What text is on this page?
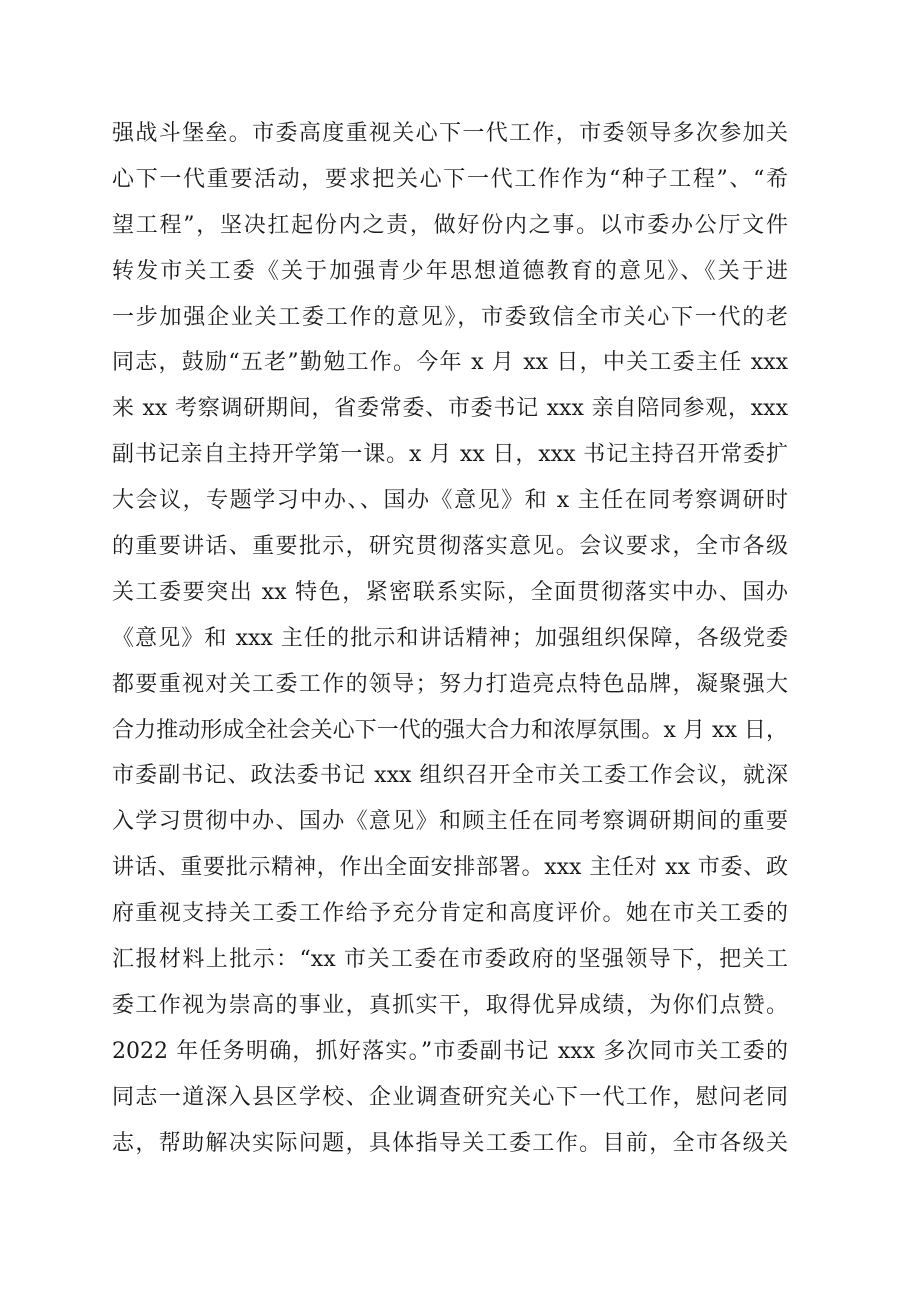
强战斗堡垒。市委高度重视关心下一代工作，市委领导多次参加关
心下一代重要活动，要求把关心下一代工作作为“种子工程”、“希
望工程”，坚决扛起份内之责，做好份内之事。以市委办公厅文件
转发市关工委《关于加强青少年思想道德教育的意见》、《关于进
一步加强企业关工委工作的意见》，市委致信全市关心下一代的老
同志，鼓励“五老”勤勉工作。今年 x 月 xx 日，中关工委主任 xxx
来 xx 考察调研期间，省委常委、市委书记 xxx 亲自陪同参观，xxx
副书记亲自主持开学第一课。x 月 xx 日，xxx 书记主持召开常委扩
大会议，专题学习中办、、国办《意见》和 x 主任在同考察调研时
的重要讲话、重要批示，研究贯彻落实意见。会议要求，全市各级
关工委要突出 xx 特色，紧密联系实际，全面贯彻落实中办、国办
《意见》和 xxx 主任的批示和讲话精神；加强组织保障，各级党委
都要重视对关工委工作的领导；努力打造亮点特色品牌，凝聚强大
合力推动形成全社会关心下一代的强大合力和浓厚氛围。x 月 xx 日，
市委副书记、政法委书记 xxx 组织召开全市关工委工作会议，就深
入学习贯彻中办、国办《意见》和顾主任在同考察调研期间的重要
讲话、重要批示精神，作出全面安排部署。xxx 主任对 xx 市委、政
府重视支持关工委工作给予充分肯定和高度评价。她在市关工委的
汇报材料上批示：“xx 市关工委在市委政府的坚强领导下，把关工
委工作视为崇高的事业，真抓实干，取得优异成绩，为你们点赞。
2022 年任务明确，抓好落实。”市委副书记 xxx 多次同市关工委的
同志一道深入县区学校、企业调查研究关心下一代工作，慰问老同
志，帮助解决实际问题，具体指导关工委工作。目前，全市各级关
